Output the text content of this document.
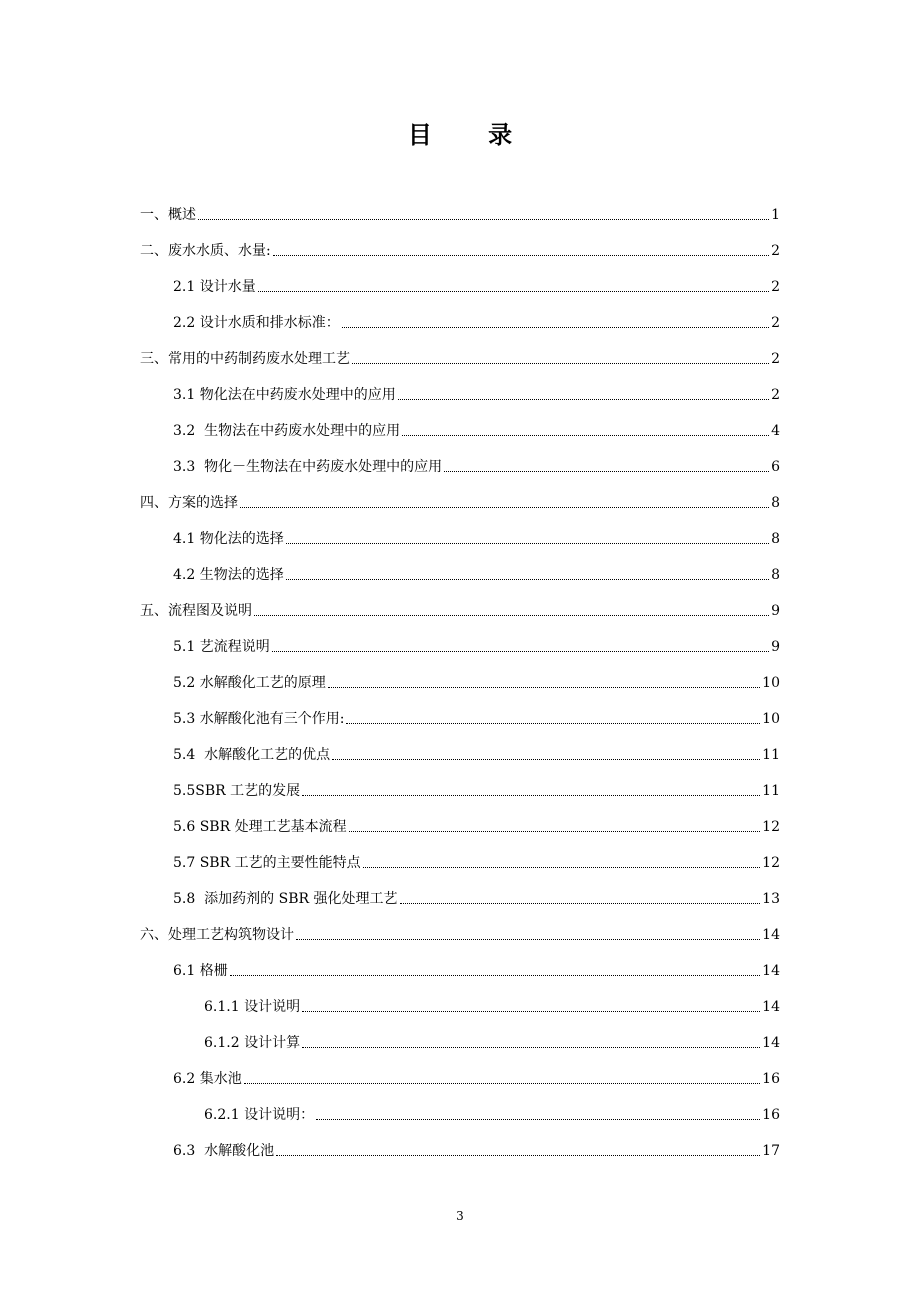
目 录
一、概述	1
二、废水水质、水量:	2
2.1 设计水量	2
2.2 设计水质和排水标准：	2
三、常用的中药制药废水处理工艺	2
3.1 物化法在中药废水处理中的应用	2
3.2  生物法在中药废水处理中的应用	4
3.3  物化－生物法在中药废水处理中的应用	6
四、方案的选择	8
4.1 物化法的选择	8
4.2 生物法的选择	8
五、流程图及说明	9
5.1 艺流程说明	9
5.2 水解酸化工艺的原理	10
5.3 水解酸化池有三个作用:	10
5.4  水解酸化工艺的优点	11
5.5SBR 工艺的发展	11
5.6 SBR 处理工艺基本流程	12
5.7 SBR 工艺的主要性能特点	12
5.8  添加药剂的 SBR 强化处理工艺	13
六、处理工艺构筑物设计	14
6.1 格栅	14
6.1.1 设计说明	14
6.1.2 设计计算	14
6.2 集水池	16
6.2.1 设计说明：	16
6.3  水解酸化池	17
3
